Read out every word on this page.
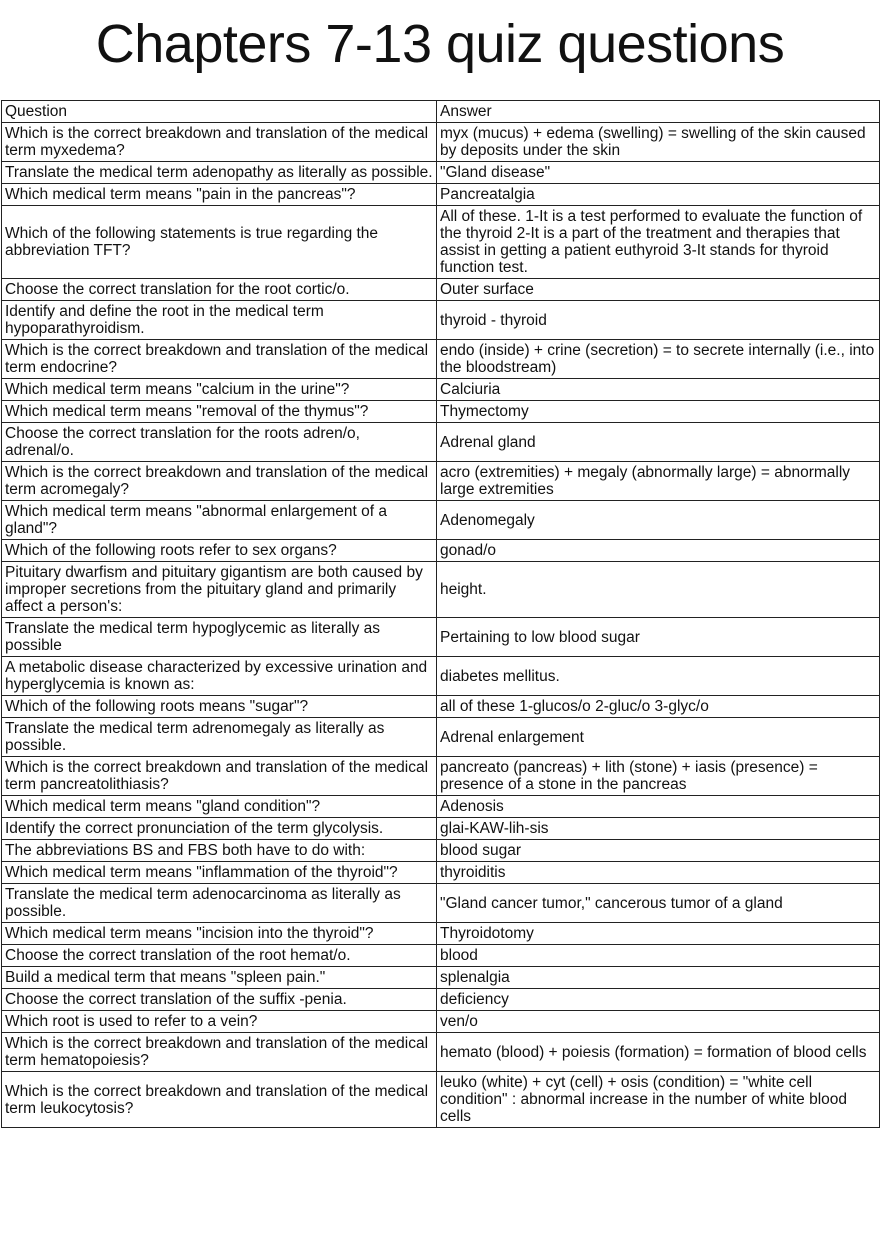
Chapters 7-13 quiz questions
Question	Answer
Which is the correct breakdown and translation of the medical term myxedema?	myx (mucus) + edema (swelling) = swelling of the skin caused by deposits under the skin
Translate the medical term adenopathy as literally as possible.	"Gland disease"
Which medical term means "pain in the pancreas"?	Pancreatalgia
Which of the following statements is true regarding the abbreviation TFT?	All of these. 1-It is a test performed to evaluate the function of the thyroid 2-It is a part of the treatment and therapies that assist in getting a patient euthyroid 3-It stands for thyroid function test.
Choose the correct translation for the root cortic/o.	Outer surface
Identify and define the root in the medical term hypoparathyroidism.	thyroid - thyroid
Which is the correct breakdown and translation of the medical term endocrine?	endo (inside) + crine (secretion) = to secrete internally (i.e., into the bloodstream)
Which medical term means "calcium in the urine"?	Calciuria
Which medical term means "removal of the thymus"?	Thymectomy
Choose the correct translation for the roots adren/o, adrenal/o.	Adrenal gland
Which is the correct breakdown and translation of the medical term acromegaly?	acro (extremities) + megaly (abnormally large) = abnormally large extremities
Which medical term means "abnormal enlargement of a gland"?	Adenomegaly
Which of the following roots refer to sex organs?	gonad/o
Pituitary dwarfism and pituitary gigantism are both caused by improper secretions from the pituitary gland and primarily affect a person's:	height.
Translate the medical term hypoglycemic as literally as possible	Pertaining to low blood sugar
A metabolic disease characterized by excessive urination and hyperglycemia is known as:	diabetes mellitus.
Which of the following roots means "sugar"?	all of these 1-glucos/o 2-gluc/o 3-glyc/o
Translate the medical term adrenomegaly as literally as possible.	Adrenal enlargement
Which is the correct breakdown and translation of the medical term pancreatolithiasis?	pancreato (pancreas) + lith (stone) + iasis (presence) = presence of a stone in the pancreas
Which medical term means "gland condition"?	Adenosis
Identify the correct pronunciation of the term glycolysis.	glai-KAW-lih-sis
The abbreviations BS and FBS both have to do with:	blood sugar
Which medical term means "inflammation of the thyroid"?	thyroiditis
Translate the medical term adenocarcinoma as literally as possible.	"Gland cancer tumor," cancerous tumor of a gland
Which medical term means "incision into the thyroid"?	Thyroidotomy
Choose the correct translation of the root hemat/o.	blood
Build a medical term that means "spleen pain."	splenalgia
Choose the correct translation of the suffix -penia.	deficiency
Which root is used to refer to a vein?	ven/o
Which is the correct breakdown and translation of the medical term hematopoiesis?	hemato (blood) + poiesis (formation) = formation of blood cells
Which is the correct breakdown and translation of the medical term leukocytosis?	leuko (white) + cyt (cell) + osis (condition) = "white cell condition" : abnormal increase in the number of white blood cells
